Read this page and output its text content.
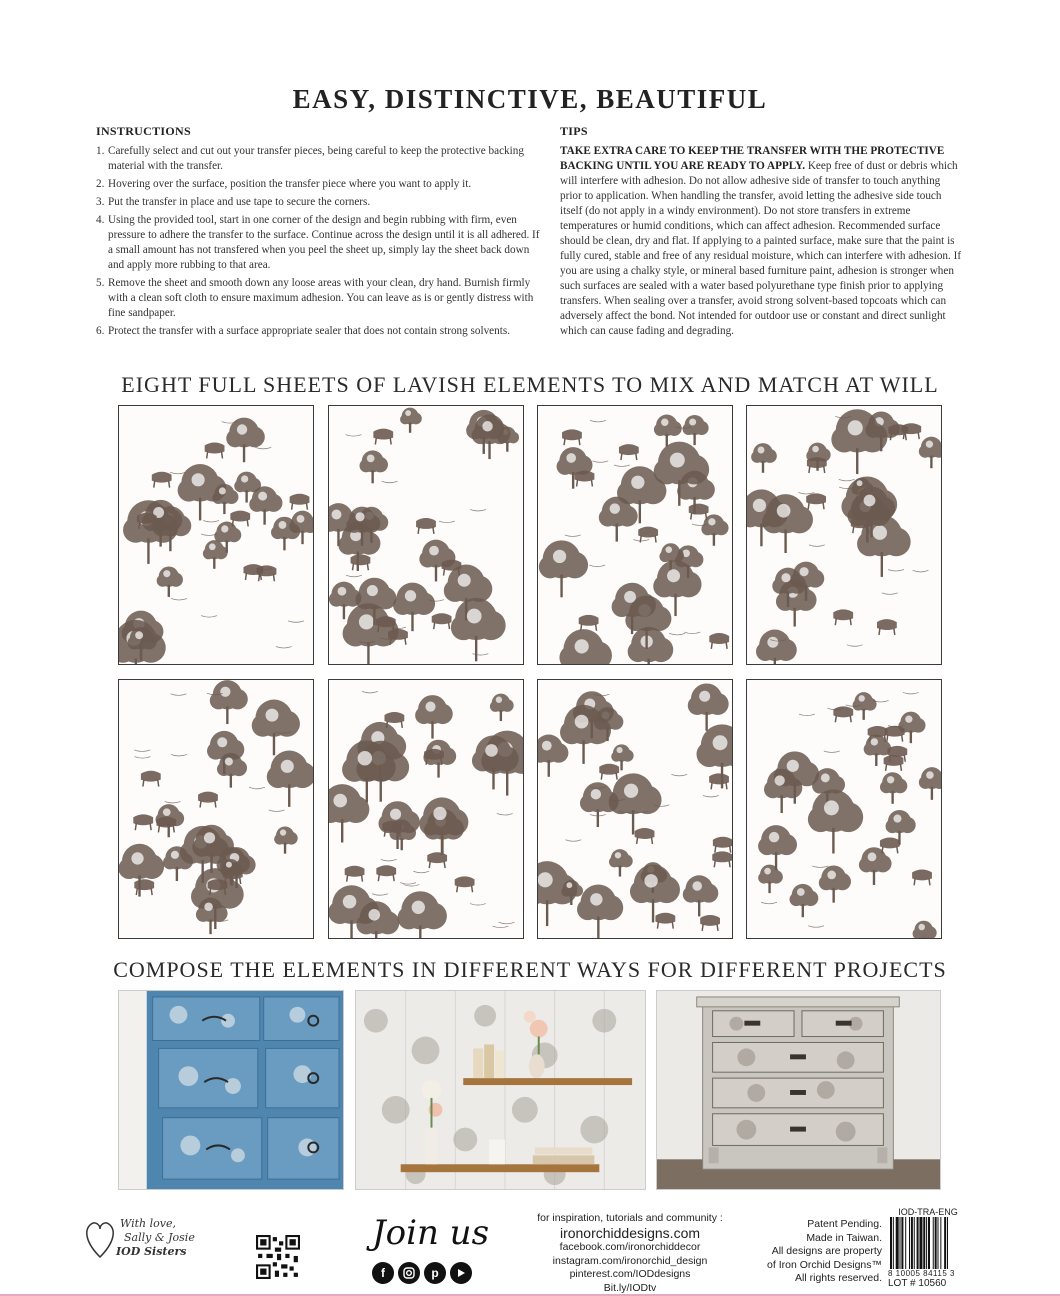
EASY, DISTINCTIVE, BEAUTIFUL
INSTRUCTIONS
1. Carefully select and cut out your transfer pieces, being careful to keep the protective backing material with the transfer.
2. Hovering over the surface, position the transfer piece where you want to apply it.
3. Put the transfer in place and use tape to secure the corners.
4. Using the provided tool, start in one corner of the design and begin rubbing with firm, even pressure to adhere the transfer to the surface. Continue across the design until it is all adhered. If a small amount has not transfered when you peel the sheet up, simply lay the sheet back down and apply more rubbing to that area.
5. Remove the sheet and smooth down any loose areas with your clean, dry hand. Burnish firmly with a clean soft cloth to ensure maximum adhesion. You can leave as is or gently distress with fine sandpaper.
6. Protect the transfer with a surface appropriate sealer that does not contain strong solvents.
TIPS
TAKE EXTRA CARE TO KEEP THE TRANSFER WITH THE PROTECTIVE BACKING UNTIL YOU ARE READY TO APPLY. Keep free of dust or debris which will interfere with adhesion. Do not allow adhesive side of transfer to touch anything prior to application. When handling the transfer, avoid letting the adhesive side touch itself (do not apply in a windy environment). Do not store transfers in extreme temperatures or humid conditions, which can affect adhesion. Recommended surface should be clean, dry and flat. If applying to a painted surface, make sure that the paint is fully cured, stable and free of any residual moisture, which can interfere with adhesion. If you are using a chalky style, or mineral based furniture paint, adhesion is stronger when such surfaces are sealed with a water based polyurethane type finish prior to applying transfers. When sealing over a transfer, avoid strong solvent-based topcoats which can adversely affect the bond. Not intended for outdoor use or constant and direct sunlight which can cause fading and degrading.
EIGHT FULL SHEETS OF LAVISH ELEMENTS TO MIX AND MATCH AT WILL
COMPOSE THE ELEMENTS IN DIFFERENT WAYS FOR DIFFERENT PROJECTS
With love,
Sally & Josie
IOD Sisters	Join us
f	p
for inspiration, tutorials and community :
ironorchiddesigns.com
facebook.com/ironorchiddecor
instagram.com/ironorchid_design
pinterest.com/IODdesigns
Bit.ly/IODtv
Patent Pending.
Made in Taiwan.
All designs are property
of Iron Orchid Designs™
All rights reserved.
IOD-TRA-ENG
8 10005 84115 3
LOT # 10560
